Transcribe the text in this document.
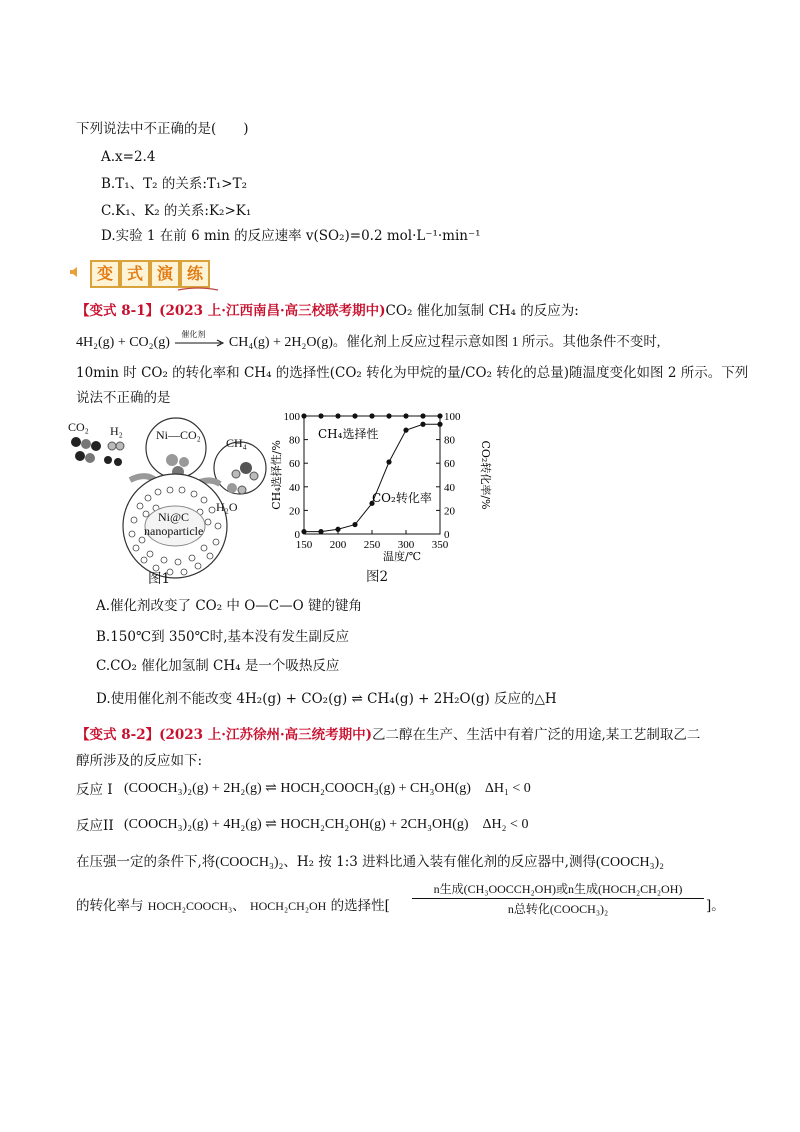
下列说法中不正确的是(　　)
A.x=2.4
B.T₁、T₂ 的关系:T₁>T₂
C.K₁、K₂ 的关系:K₂>K₁
D.实验 1 在前 6 min 的反应速率 v(SO₂)=0.2 mol·L⁻¹·min⁻¹
变 式 演 练
【变式 8-1】(2023 上·江西南昌·高三校联考期中)CO₂ 催化加氢制 CH₄ 的反应为:
4H₂(g) + CO₂(g)
催化剂
CH₄(g) + 2H₂O(g)。催化剂上反应过程示意如图 1 所示。其他条件不变时,
10min 时 CO₂ 的转化率和 CH₄ 的选择性(CO₂ 转化为甲烷的量/CO₂ 转化的总量)随温度变化如图 2 所示。下列
说法不正确的是
CO₂ H₂	Ni—CO₂
CH₄
H₂O
Ni@C
nanoparticle
图1
0	0
20	20
40	40
60	60
80	80
100	100
150 200 250 300 350
温度/℃
CH₄选择性/%	CO₂转化率/%
CH₄选择性
CO₂转化率
图2
A.催化剂改变了 CO₂ 中 O—C—O 键的键角
B.150℃到 350℃时,基本没有发生副反应
C.CO₂ 催化加氢制 CH₄ 是一个吸热反应
D.使用催化剂不能改变 4H₂(g) + CO₂(g) ⇌ CH₄(g) + 2H₂O(g) 反应的△H
【变式 8-2】(2023 上·江苏徐州·高三统考期中)乙二醇在生产、生活中有着广泛的用途,某工艺制取乙二
醇所涉及的反应如下:
反应 I (COOCH₃)₂(g) + 2H₂(g) ⇌ HOCH₂COOCH₃(g) + CH₃OH(g) ΔH₁ < 0
反应II (COOCH₃)₂(g) + 4H₂(g) ⇌ HOCH₂CH₂OH(g) + 2CH₃OH(g) ΔH₂ < 0
在压强一定的条件下,将(COOCH₃)₂、H₂ 按 1:3 进料比通入装有催化剂的反应器中,测得(COOCH₃)₂
的转化率与 HOCH₂COOCH₃、 HOCH₂CH₂OH 的选择性[
n生成(CH₃OOCCH₂OH)或n生成(HOCH₂CH₂OH)
n总转化(COOCH₃)₂	]。
